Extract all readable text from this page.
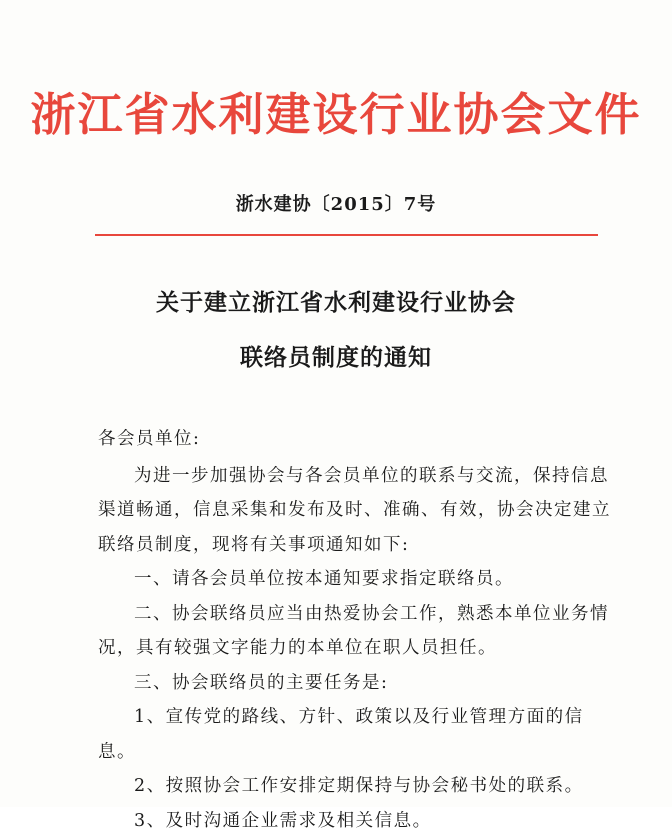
浙江省水利建设行业协会文件
浙水建协〔2015〕7号
关于建立浙江省水利建设行业协会
联络员制度的通知

各会员单位:

为进一步加强协会与各会员单位的联系与交流，保持信息渠道畅通，信息采集和发布及时、准确、有效，协会决定建立联络员制度，现将有关事项通知如下:

一、请各会员单位按本通知要求指定联络员。

二、协会联络员应当由热爱协会工作，熟悉本单位业务情况，具有较强文字能力的本单位在职人员担任。

三、协会联络员的主要任务是:

1、宣传党的路线、方针、政策以及行业管理方面的信息。

2、按照协会工作安排定期保持与协会秘书处的联系。

3、及时沟通企业需求及相关信息。
